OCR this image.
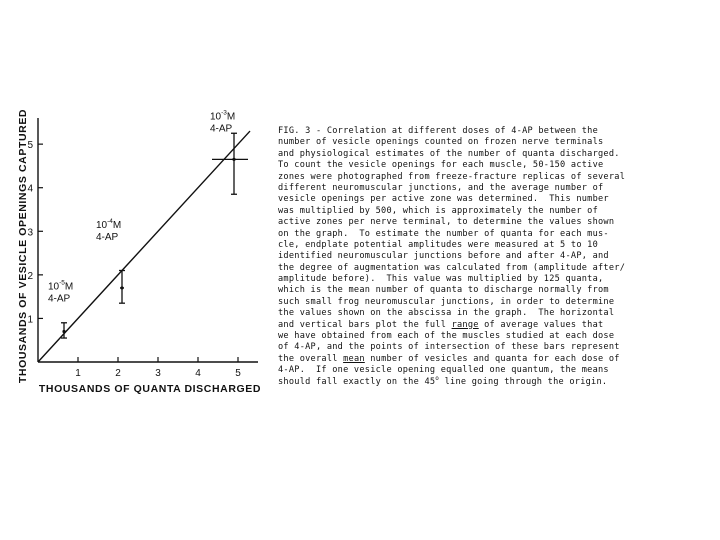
1	2	3	4	5
1
2
3
4
5
$10^{-5}M$
4-AP
$10^{-4}M$
4-AP
$10^{-3}M$
4-AP
THOUSANDS OF VESICLE OPENINGS CAPTURED
THOUSANDS OF QUANTA DISCHARGED
FIG. 3 - Correlation at different doses of 4-AP between the
number of vesicle openings counted on frozen nerve terminals
and physiological estimates of the number of quanta discharged.
To count the vesicle openings for each muscle, 50-150 active
zones were photographed from freeze-fracture replicas of several
different neuromuscular junctions, and the average number of
vesicle openings per active zone was determined.  This number
was multiplied by 500, which is approximately the number of
active zones per nerve terminal, to determine the values shown
on the graph.  To estimate the number of quanta for each mus-
cle, endplate potential amplitudes were measured at 5 to 10
identified neuromuscular junctions before and after 4-AP, and
the degree of augmentation was calculated from (amplitude after/
amplitude before).  This value was multiplied by 125 quanta,
which is the mean number of quanta to discharge normally from
such small frog neuromuscular junctions, in order to determine
the values shown on the abscissa in the graph.  The horizontal
and vertical bars plot the full range of average values that
we have obtained from each of the muscles studied at each dose
of 4-AP, and the points of intersection of these bars represent
the overall mean number of vesicles and quanta for each dose of
4-AP.  If one vesicle opening equalled one quantum, the means
should fall exactly on the 45$^o$ line going through the origin.
